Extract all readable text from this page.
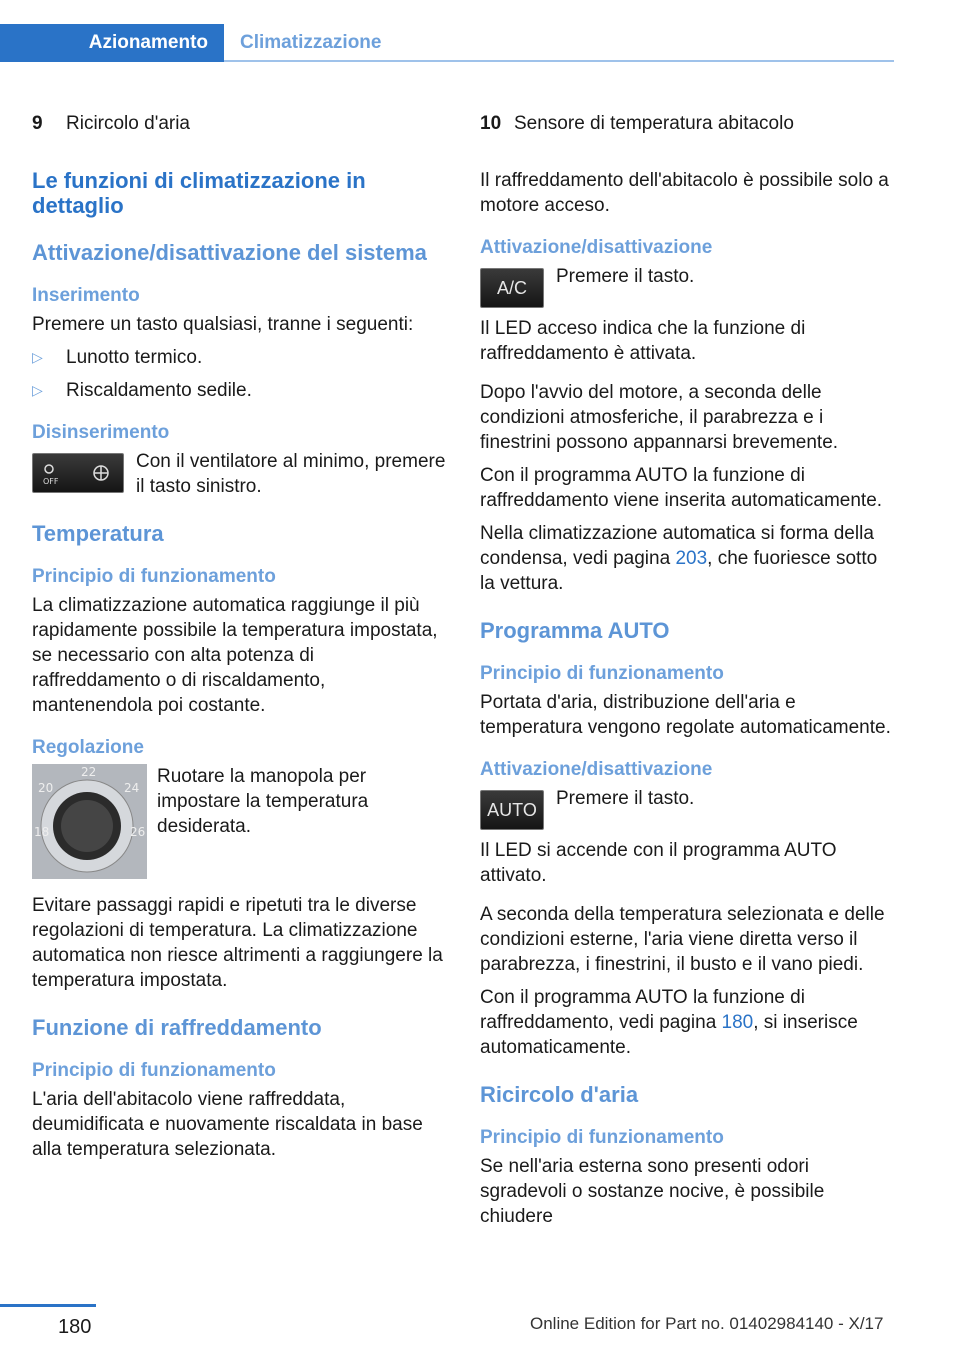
Azionamento	Climatizzazione
9	Ricircolo d'aria
Le funzioni di climatizzazione in dettaglio
Attivazione/disattivazione del sistema
Inserimento

Premere un tasto qualsiasi, tranne i seguenti:

▷	Lunotto termico.
▷	Riscaldamento sedile.
Disinserimento
OFF

Con il ventilatore al minimo, premere il tasto sinistro.

Temperatura
Principio di funzionamento

La climatizzazione automatica raggiunge il più rapidamente possibile la temperatura impostata, se necessario con alta potenza di raffreddamento o di riscaldamento, mantenendola poi costante.

Regolazione
22
20	24
18	26

Ruotare la manopola per impostare la temperatura desiderata.

Evitare passaggi rapidi e ripetuti tra le diverse regolazioni di temperatura. La climatizzazione automatica non riesce altrimenti a raggiungere la temperatura impostata.

Funzione di raffreddamento
Principio di funzionamento

L'aria dell'abitacolo viene raffreddata, deumidificata e nuovamente riscaldata in base alla temperatura selezionata.

10 Sensore di temperatura abitacolo

Il raffreddamento dell'abitacolo è possibile solo a motore acceso.

Attivazione/disattivazione
A/C

Premere il tasto.

Il LED acceso indica che la funzione di raffreddamento è attivata.

Dopo l'avvio del motore, a seconda delle condizioni atmosferiche, il parabrezza e i finestrini possono appannarsi brevemente.

Con il programma AUTO la funzione di raffreddamento viene inserita automaticamente.

Nella climatizzazione automatica si forma della condensa, vedi pagina 203, che fuoriesce sotto la vettura.

Programma AUTO
Principio di funzionamento

Portata d'aria, distribuzione dell'aria e temperatura vengono regolate automaticamente.

Attivazione/disattivazione
AUTO

Premere il tasto.

Il LED si accende con il programma AUTO attivato.

A seconda della temperatura selezionata e delle condizioni esterne, l'aria viene diretta verso il parabrezza, i finestrini, il busto e il vano piedi.

Con il programma AUTO la funzione di raffreddamento, vedi pagina 180, si inserisce automaticamente.

Ricircolo d'aria
Principio di funzionamento

Se nell'aria esterna sono presenti odori sgradevoli o sostanze nocive, è possibile chiudere

180	Online Edition for Part no. 01402984140 - X/17
